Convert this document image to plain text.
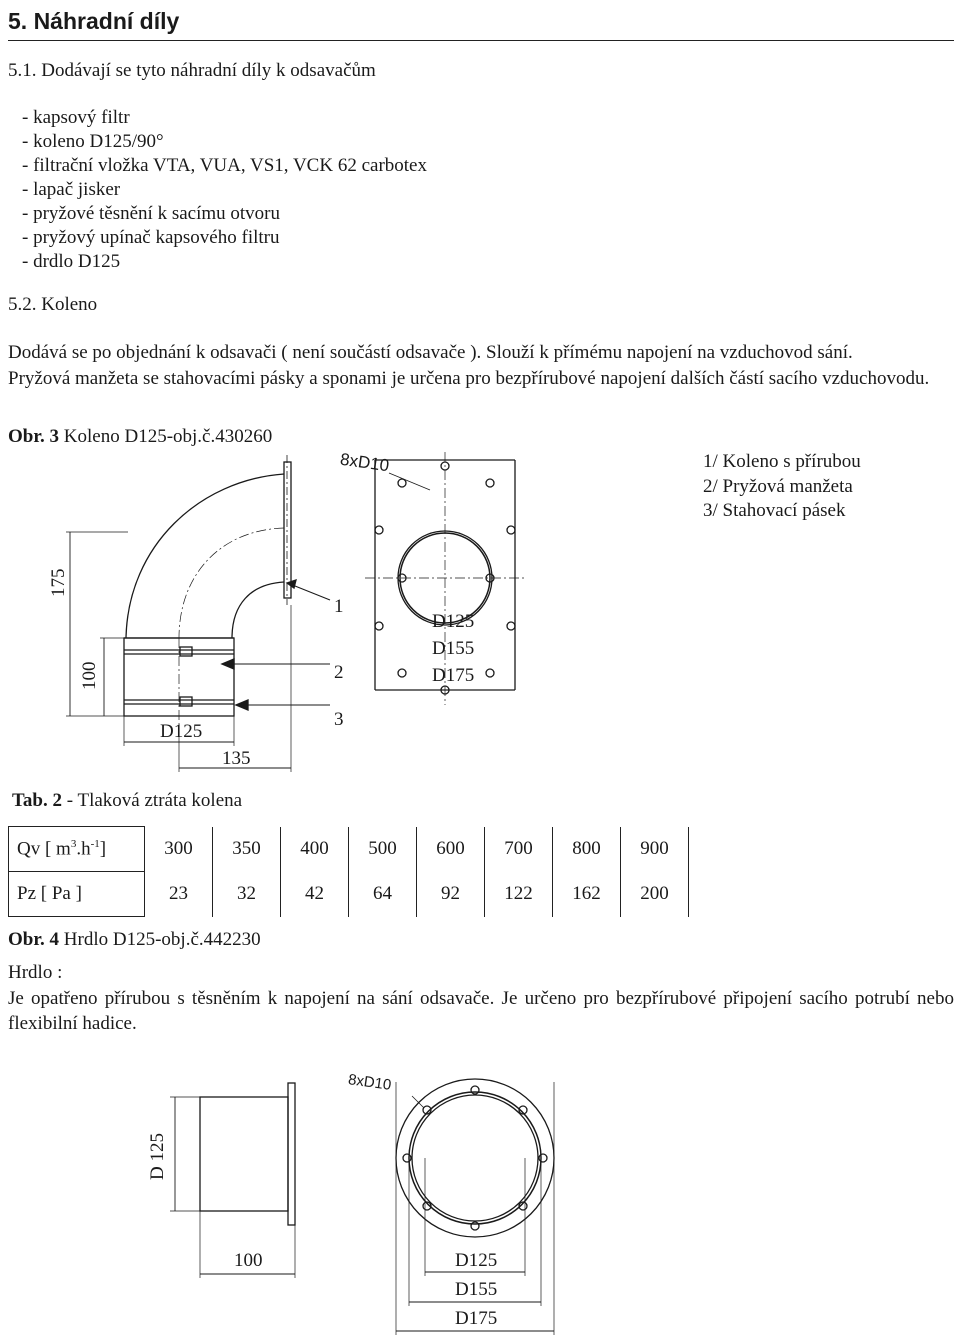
5. Náhradní díly
5.1. Dodávají se tyto náhradní díly k odsavačům
- kapsový filtr
- koleno D125/90°
- filtrační vložka VTA, VUA, VS1, VCK 62 carbotex
- lapač jisker
- pryžové těsnění k sacímu otvoru
- pryžový upínač kapsového filtru
- drdlo D125
5.2. Koleno
Dodává se po objednání k odsavači ( není součástí odsavače ). Slouží k přímému napojení na vzduchovod sání.
Pryžová manžeta se stahovacími pásky a sponami je určena pro bezpřírubové napojení dalších částí sacího vzduchovodu.
Obr. 3 Koleno D125-obj.č.430260
8xD10
175
100
D125
135
1
2
3
D125
D155
D175
1/ Koleno s přírubou
2/ Pryžová manžeta
3/ Stahovací pásek
Tab. 2 - Tlaková ztráta kolena
Qv [ $m^3.h^{-1}$]	300	350	400	500	600	700	800	900
Pz [ Pa ]	23	32	42	64	92	122	162	200
Obr. 4 Hrdlo D125-obj.č.442230
Hrdlo :
Je opatřeno přírubou s těsněním k napojení na sání odsavače. Je určeno pro bezpřírubové připojení sacího potrubí nebo flexibilní hadice.
8xD10
D 125
100	D125
D155
D175
